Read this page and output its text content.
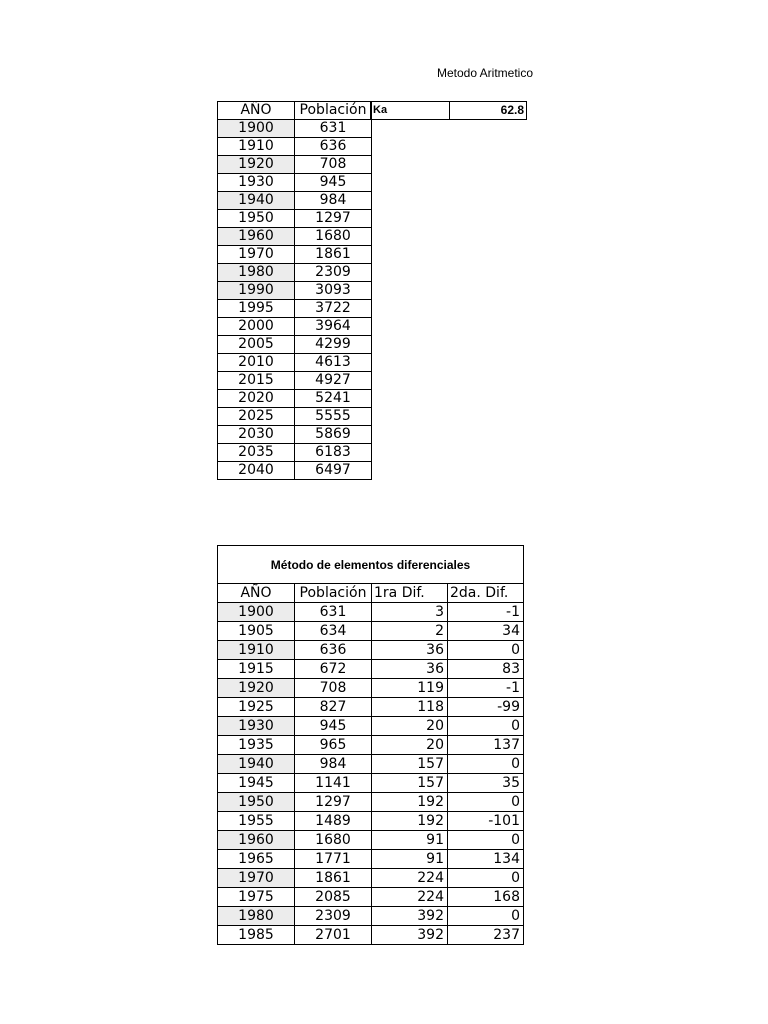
Metodo Aritmetico
AÑO	Población
1900	631
1910	636
1920	708
1930	945
1940	984
1950	1297
1960	1680
1970	1861
1980	2309
1990	3093
1995	3722
2000	3964
2005	4299
2010	4613
2015	4927
2020	5241
2025	5555
2030	5869
2035	6183
2040	6497
Ka	62.8
Método de elementos diferenciales			
AÑO	Población	1ra Dif.	2da. Dif.
1900	631	3	-1
1905	634	2	34
1910	636	36	0
1915	672	36	83
1920	708	119	-1
1925	827	118	-99
1930	945	20	0
1935	965	20	137
1940	984	157	0
1945	1141	157	35
1950	1297	192	0
1955	1489	192	-101
1960	1680	91	0
1965	1771	91	134
1970	1861	224	0
1975	2085	224	168
1980	2309	392	0
1985	2701	392	237
